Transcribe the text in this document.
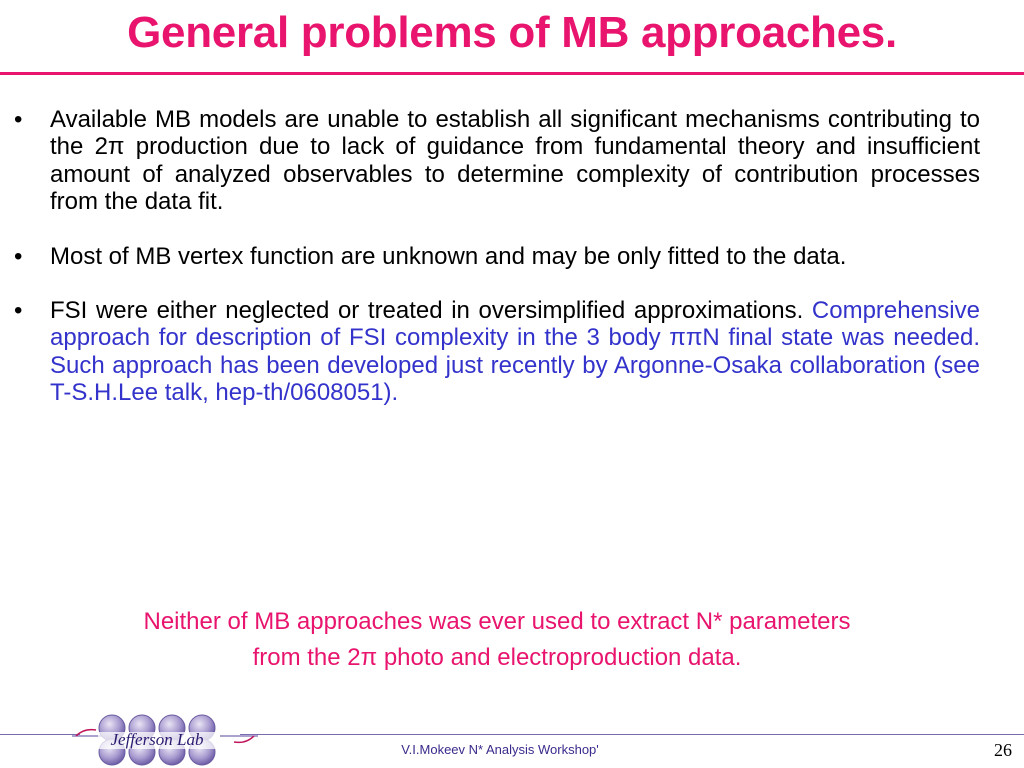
General problems of MB approaches.
•	Available MB models are unable to establish all significant mechanisms contributing to the 2π production due to lack of guidance from fundamental theory and insufficient amount of analyzed observables to determine complexity of contribution processes from the data fit.
•	Most of MB vertex function are unknown and may be only fitted to the data.
•	FSI were either neglected or treated in oversimplified approximations. Comprehensive approach for description of FSI complexity in the 3 body ππN final state was needed. Such approach has been developed just recently by Argonne-Osaka collaboration (see T-S.H.Lee talk, hep-th/0608051).
Neither of MB approaches was ever used to extract N* parameters
from the 2π photo and electroproduction data.
Jefferson Lab
V.I.Mokeev N* Analysis Workshop'	26
